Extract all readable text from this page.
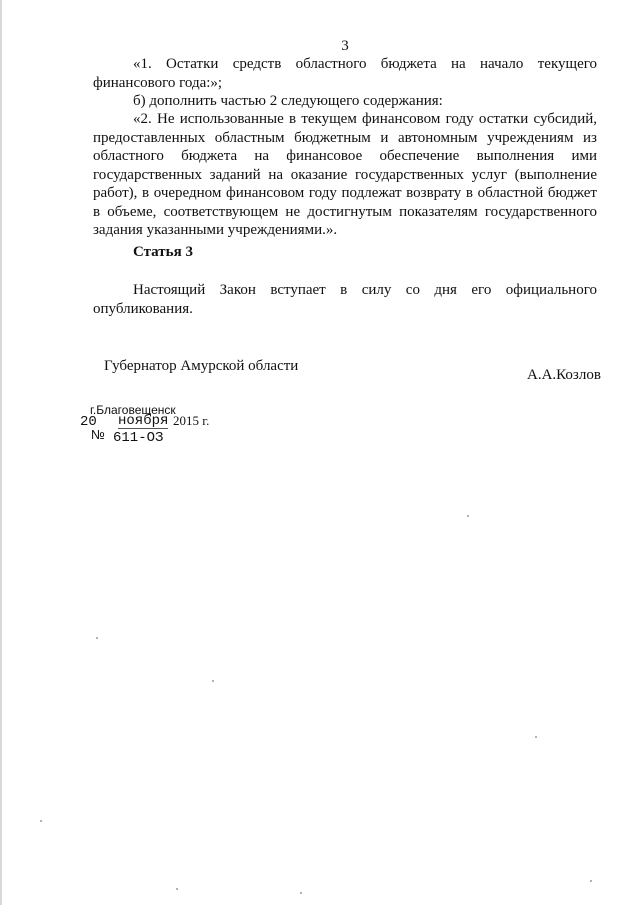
3

«1. Остатки средств областного бюджета на начало текущего финансового года:»;

б) дополнить частью 2 следующего содержания:

«2. Не использованные в текущем финансовом году остатки субсидий, предоставленных областным бюджетным и автономным учреждениям из областного бюджета на финансовое обеспечение выполнения ими государственных заданий на оказание государственных услуг (выполнение работ), в очередном финансовом году подлежат возврату в областной бюджет в объеме, соответствующем не достигнутым показателям государственного задания указанными учреждениями.».

Статья 3

Настоящий Закон вступает в силу со дня его официального опубликования.

Губернатор Амурской области
А.А.Козлов
г.Благовещенск
20 ноября 2015 г.
№ 611-ОЗ
